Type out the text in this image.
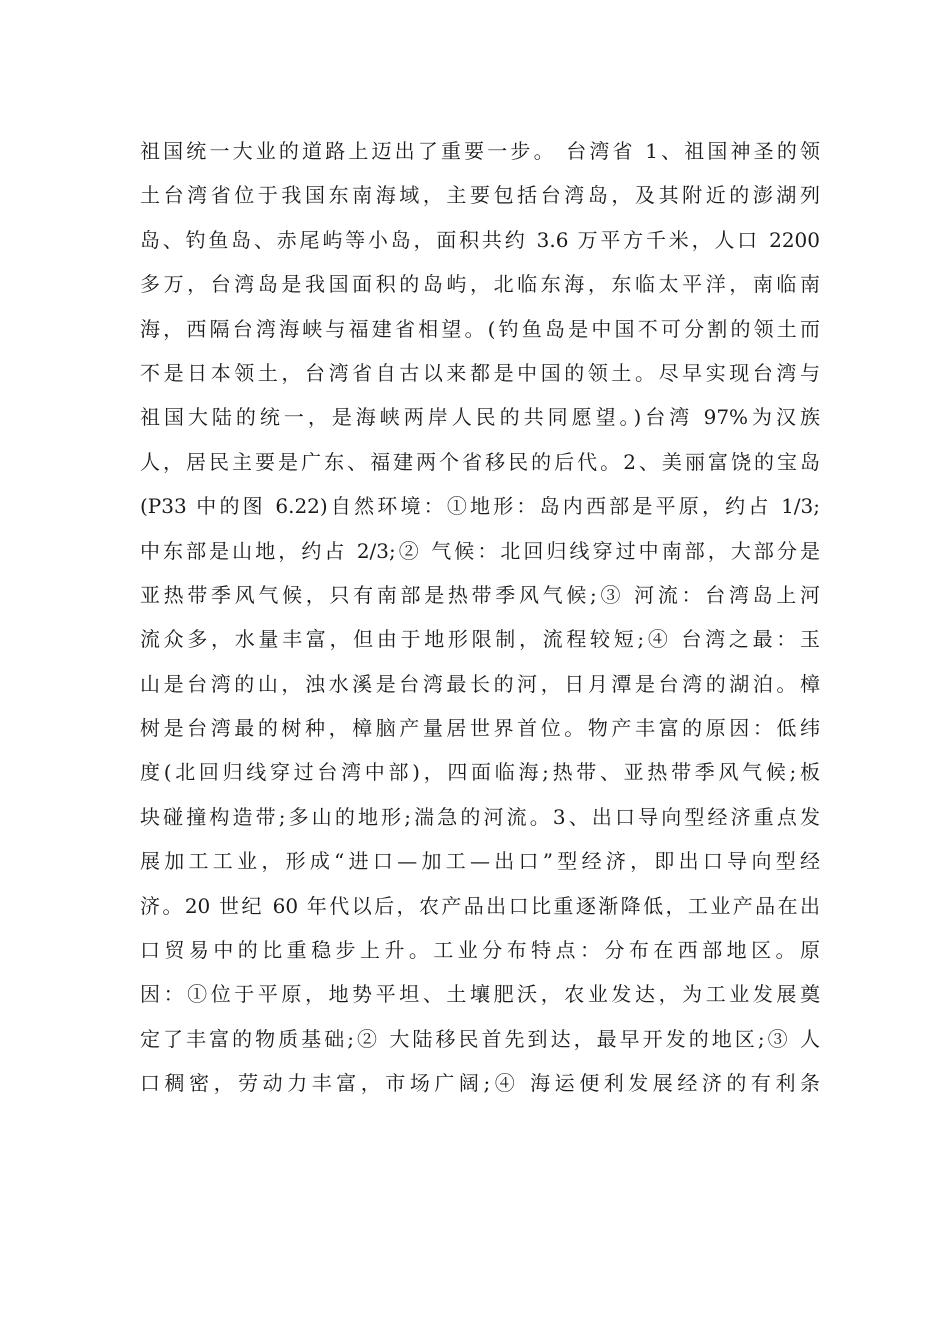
祖国统一大业的道路上迈出了重要一步。 台湾省 1、祖国神圣的领
土台湾省位于我国东南海域，主要包括台湾岛，及其附近的澎湖列
岛、钓鱼岛、赤尾屿等小岛，面积共约 3.6 万平方千米，人口 2200
多万，台湾岛是我国面积的岛屿，北临东海，东临太平洋，南临南
海，西隔台湾海峡与福建省相望。(钓鱼岛是中国不可分割的领土而
不是日本领土，台湾省自古以来都是中国的领土。尽早实现台湾与
祖国大陆的统一，是海峡两岸人民的共同愿望。)台湾 97%为汉族
人，居民主要是广东、福建两个省移民的后代。2、美丽富饶的宝岛
(P33 中的图 6.22)自然环境：①地形：岛内西部是平原，约占 1/3;
中东部是山地，约占 2/3;② 气候：北回归线穿过中南部，大部分是
亚热带季风气候，只有南部是热带季风气候;③ 河流：台湾岛上河
流众多，水量丰富，但由于地形限制，流程较短;④ 台湾之最：玉
山是台湾的山，浊水溪是台湾最长的河，日月潭是台湾的湖泊。樟
树是台湾最的树种，樟脑产量居世界首位。物产丰富的原因：低纬
度(北回归线穿过台湾中部)，四面临海;热带、亚热带季风气候;板
块碰撞构造带;多山的地形;湍急的河流。3、出口导向型经济重点发
展加工工业，形成“进口—加工—出口”型经济，即出口导向型经
济。20 世纪 60 年代以后，农产品出口比重逐渐降低，工业产品在出
口贸易中的比重稳步上升。工业分布特点：分布在西部地区。原
因：①位于平原，地势平坦、土壤肥沃，农业发达，为工业发展奠
定了丰富的物质基础;② 大陆移民首先到达，最早开发的地区;③ 人
口稠密，劳动力丰富，市场广阔;④ 海运便利发展经济的有利条
